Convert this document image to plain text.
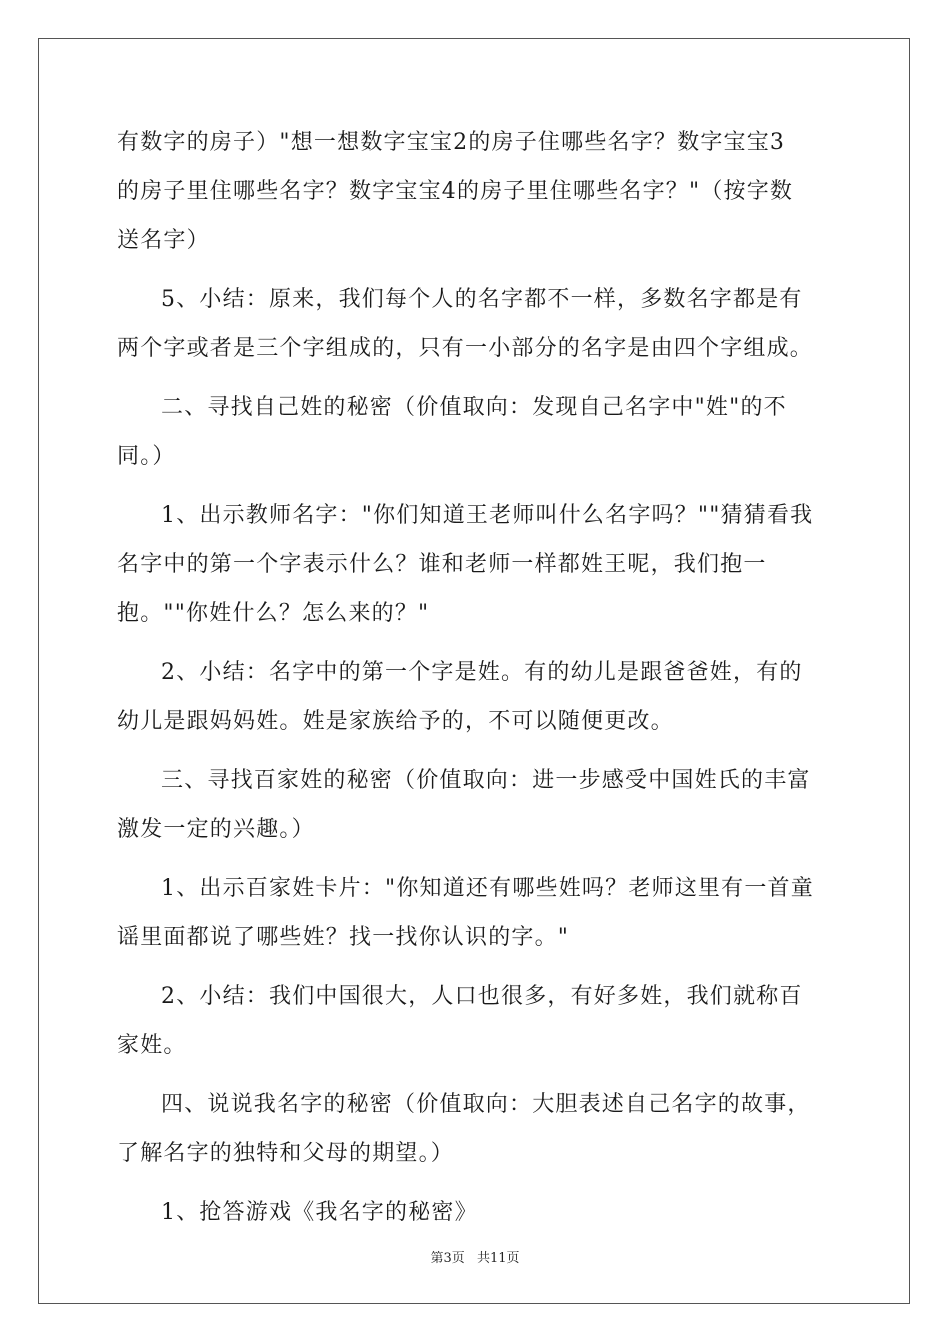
有数字的房子）"想一想数字宝宝2的房子住哪些名字？数字宝宝3
的房子里住哪些名字？数字宝宝4的房子里住哪些名字？"（按字数
送名字）
5、小结：原来，我们每个人的名字都不一样，多数名字都是有
两个字或者是三个字组成的，只有一小部分的名字是由四个字组成。
二、寻找自己姓的秘密（价值取向：发现自己名字中"姓"的不
同。）
1、出示教师名字："你们知道王老师叫什么名字吗？""猜猜看我
名字中的第一个字表示什么？谁和老师一样都姓王呢，我们抱一
抱。""你姓什么？怎么来的？"
2、小结：名字中的第一个字是姓。有的幼儿是跟爸爸姓，有的
幼儿是跟妈妈姓。姓是家族给予的，不可以随便更改。
三、寻找百家姓的秘密（价值取向：进一步感受中国姓氏的丰富
激发一定的兴趣。）
1、出示百家姓卡片："你知道还有哪些姓吗？老师这里有一首童
谣里面都说了哪些姓？找一找你认识的字。"
2、小结：我们中国很大，人口也很多，有好多姓，我们就称百
家姓。
四、说说我名字的秘密（价值取向：大胆表述自己名字的故事，
了解名字的独特和父母的期望。）
1、抢答游戏《我名字的秘密》
第3页 共11页
